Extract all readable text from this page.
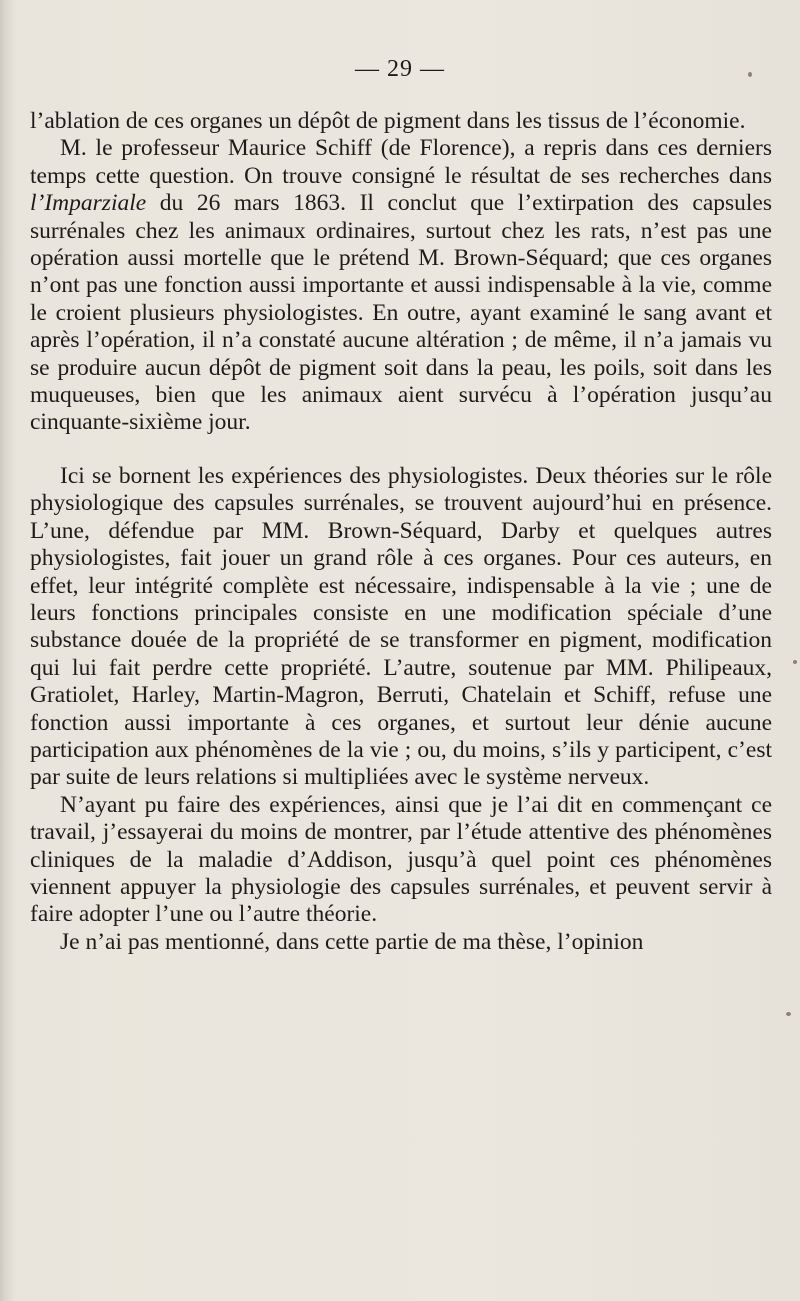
— 29 —

l’ablation de ces organes un dépôt de pigment dans les tissus de l’économie.

M. le professeur Maurice Schiff (de Florence), a repris dans ces derniers temps cette question. On trouve consigné le résultat de ses recherches dans l’Imparziale du 26 mars 1863. Il conclut que l’extirpation des capsules surrénales chez les animaux ordinaires, surtout chez les rats, n’est pas une opération aussi mortelle que le prétend M. Brown-Séquard; que ces organes n’ont pas une fonction aussi importante et aussi indispensable à la vie, comme le croient plusieurs physiologistes. En outre, ayant examiné le sang avant et après l’opération, il n’a constaté aucune altération ; de même, il n’a jamais vu se produire aucun dépôt de pigment soit dans la peau, les poils, soit dans les muqueuses, bien que les animaux aient survécu à l’opération jusqu’au cinquante-sixième jour.

Ici se bornent les expériences des physiologistes. Deux théories sur le rôle physiologique des capsules surrénales, se trouvent aujourd’hui en présence. L’une, défendue par MM. Brown-Séquard, Darby et quelques autres physiologistes, fait jouer un grand rôle à ces organes. Pour ces auteurs, en effet, leur intégrité complète est nécessaire, indispensable à la vie ; une de leurs fonctions principales consiste en une modification spéciale d’une substance douée de la propriété de se transformer en pigment, modification qui lui fait perdre cette propriété. L’autre, soutenue par MM. Philipeaux, Gratiolet, Harley, Martin-Magron, Berruti, Chatelain et Schiff, refuse une fonction aussi importante à ces organes, et surtout leur dénie aucune participation aux phénomènes de la vie ; ou, du moins, s’ils y participent, c’est par suite de leurs relations si multipliées avec le système nerveux.

N’ayant pu faire des expériences, ainsi que je l’ai dit en commençant ce travail, j’essayerai du moins de montrer, par l’étude attentive des phénomènes cliniques de la maladie d’Addison, jusqu’à quel point ces phénomènes viennent appuyer la physiologie des capsules surrénales, et peuvent servir à faire adopter l’une ou l’autre théorie.

Je n’ai pas mentionné, dans cette partie de ma thèse, l’opinion
